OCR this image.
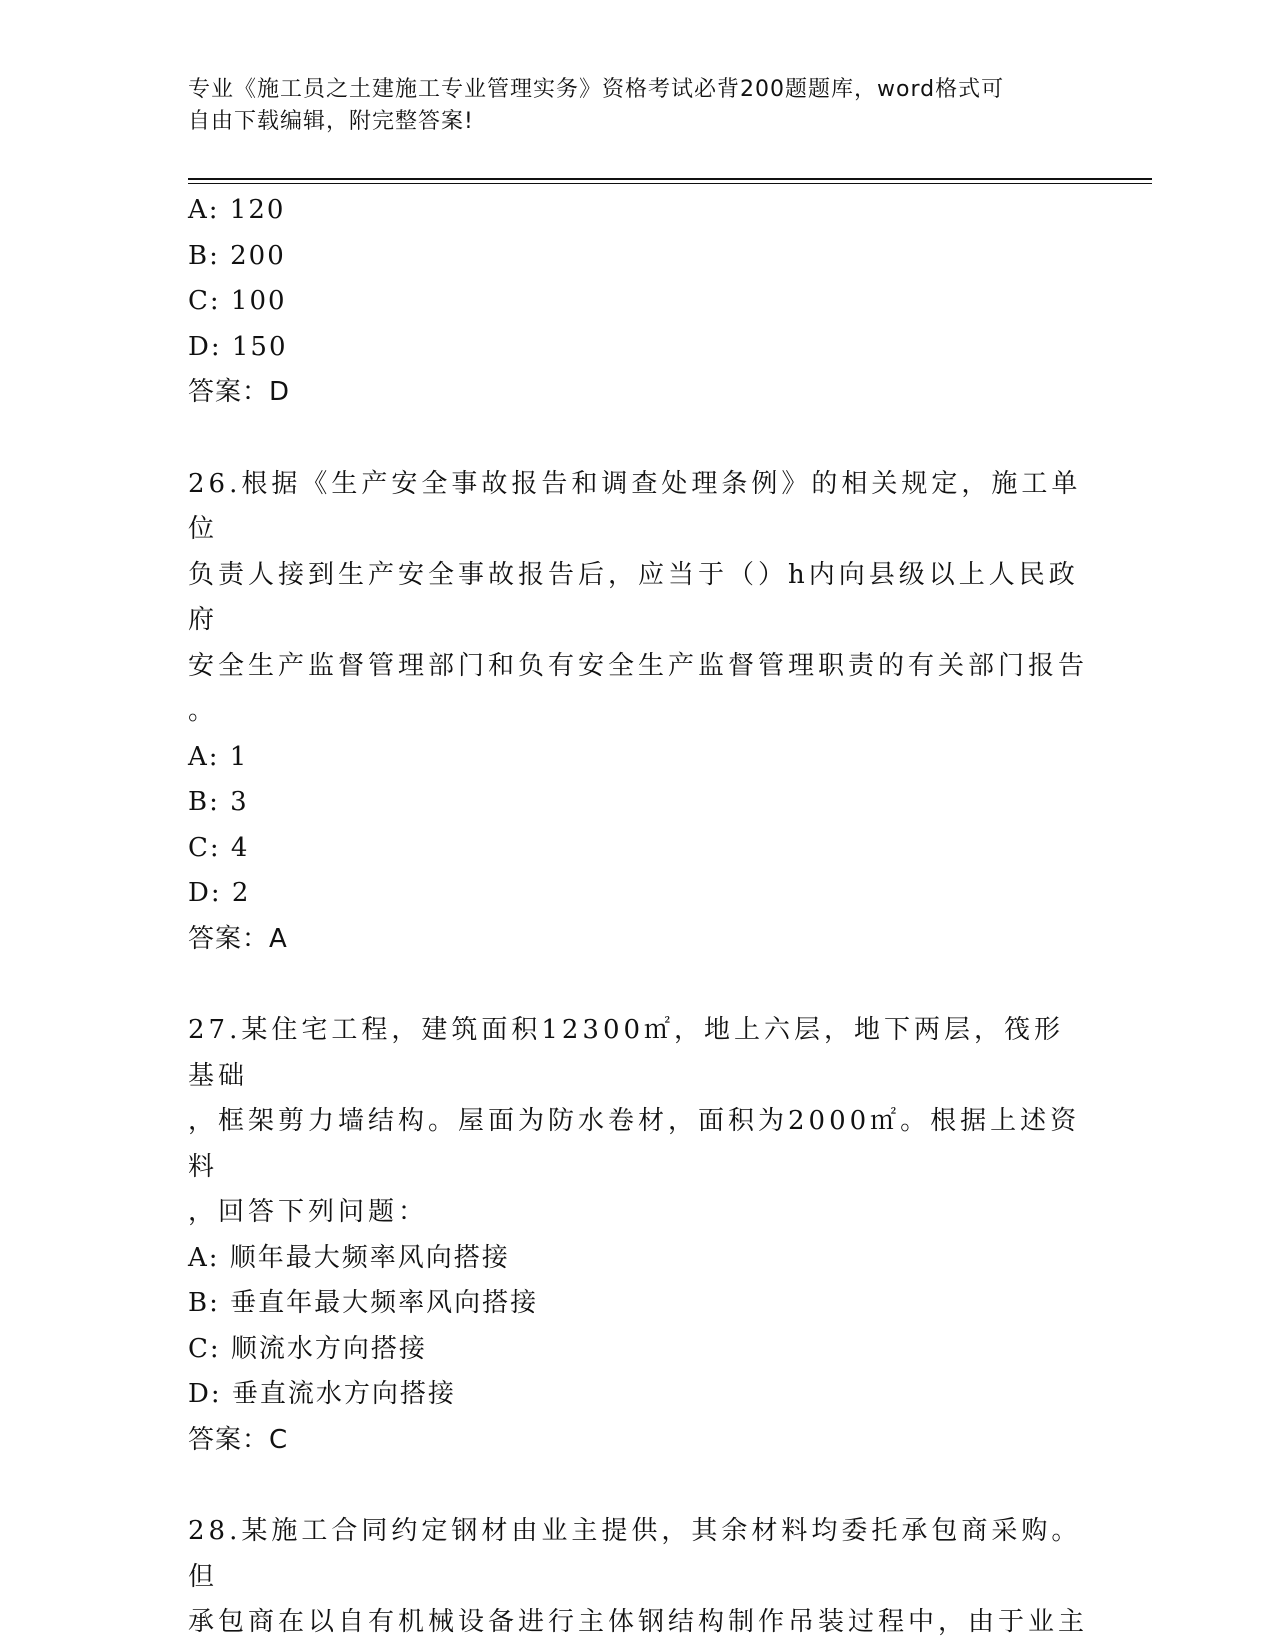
专业《施工员之土建施工专业管理实务》资格考试必背200题题库，word格式可
自由下载编辑，附完整答案!
A: 120
B: 200
C: 100
D: 150
答案：D
26.根据《生产安全事故报告和调查处理条例》的相关规定，施工单位
负责人接到生产安全事故报告后，应当于（）h内向县级以上人民政府
安全生产监督管理部门和负有安全生产监督管理职责的有关部门报告
。
A: 1
B: 3
C: 4
D: 2
答案：A
27.某住宅工程，建筑面积12300㎡，地上六层，地下两层，筏形基础
，框架剪力墙结构。屋面为防水卷材，面积为2000㎡。根据上述资料
，回答下列问题：
A: 顺年最大频率风向搭接
B: 垂直年最大频率风向搭接
C: 顺流水方向搭接
D: 垂直流水方向搭接
答案：C
28.某施工合同约定钢材由业主提供，其余材料均委托承包商采购。但
承包商在以自有机械设备进行主体钢结构制作吊装过程中，由于业主
